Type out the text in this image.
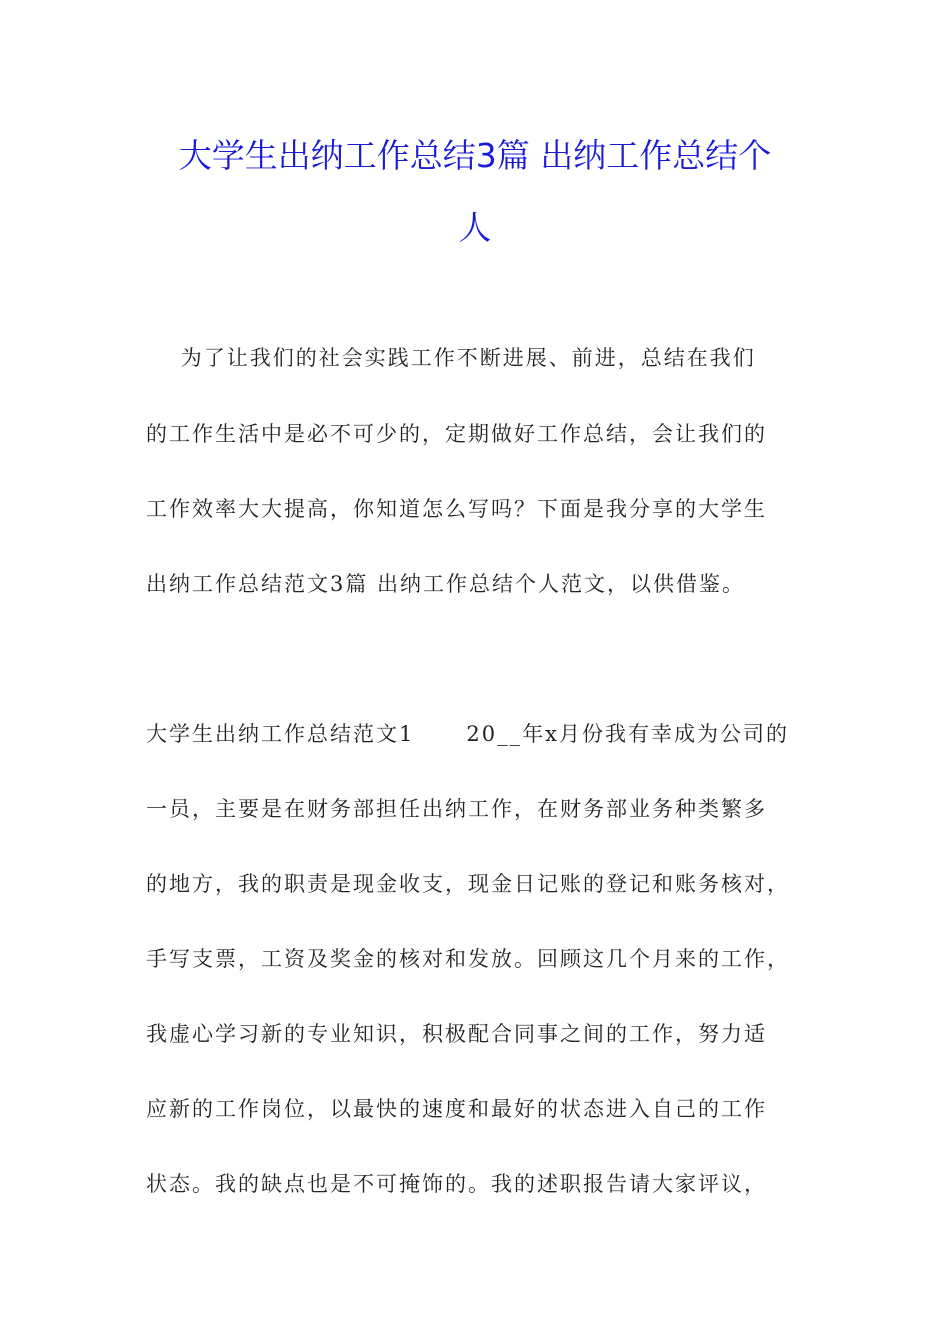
大学生出纳工作总结3篇 出纳工作总结个
人
为了让我们的社会实践工作不断进展、前进，总结在我们
的工作生活中是必不可少的，定期做好工作总结，会让我们的
工作效率大大提高，你知道怎么写吗？下面是我分享的大学生
出纳工作总结范文3篇 出纳工作总结个人范文，以供借鉴。
大学生出纳工作总结范文1      20__年x月份我有幸成为公司的
一员，主要是在财务部担任出纳工作，在财务部业务种类繁多
的地方，我的职责是现金收支，现金日记账的登记和账务核对，
手写支票，工资及奖金的核对和发放。回顾这几个月来的工作，
我虚心学习新的专业知识，积极配合同事之间的工作，努力适
应新的工作岗位，以最快的速度和最好的状态进入自己的工作
状态。我的缺点也是不可掩饰的。我的述职报告请大家评议，
